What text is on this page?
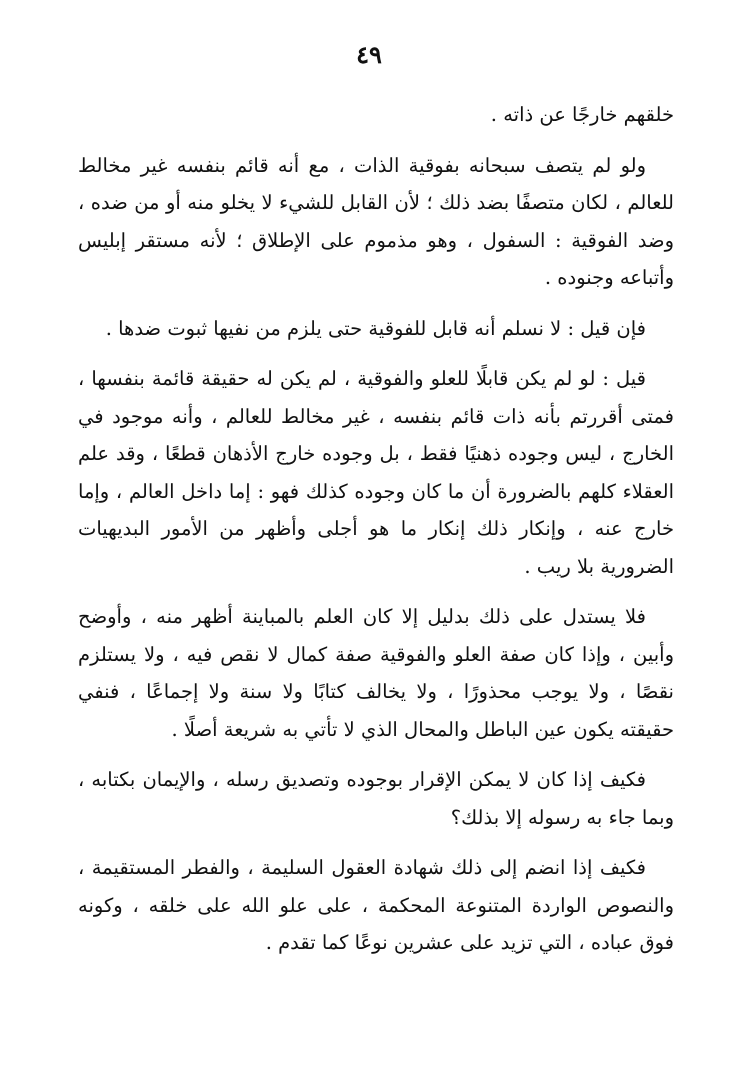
٤٩

خلقهم خارجًا عن ذاته .

ولو لم يتصف سبحانه بفوقية الذات ، مع أنه قائم بنفسه غير مخالط للعالم ، لكان متصفًا بضد ذلك ؛ لأن القابل للشيء لا يخلو منه أو من ضده ، وضد الفوقية : السفول ، وهو مذموم على الإطلاق ؛ لأنه مستقر إبليس وأتباعه وجنوده .

فإن قيل : لا نسلم أنه قابل للفوقية حتى يلزم من نفيها ثبوت ضدها .

قيل : لو لم يكن قابلًا للعلو والفوقية ، لم يكن له حقيقة قائمة بنفسها ، فمتى أقررتم بأنه ذات قائم بنفسه ، غير مخالط للعالم ، وأنه موجود في الخارج ، ليس وجوده ذهنيًا فقط ، بل وجوده خارج الأذهان قطعًا ، وقد علم العقلاء كلهم بالضرورة أن ما كان وجوده كذلك فهو : إما داخل العالم ، وإما خارج عنه ، وإنكار ذلك إنكار ما هو أجلى وأظهر من الأمور البديهيات الضرورية بلا ريب .

فلا يستدل على ذلك بدليل إلا كان العلم بالمباينة أظهر منه ، وأوضح وأبين ، وإذا كان صفة العلو والفوقية صفة كمال لا نقص فيه ، ولا يستلزم نقصًا ، ولا يوجب محذورًا ، ولا يخالف كتابًا ولا سنة ولا إجماعًا ، فنفي حقيقته يكون عين الباطل والمحال الذي لا تأتي به شريعة أصلًا .

فكيف إذا كان لا يمكن الإقرار بوجوده وتصديق رسله ، والإيمان بكتابه ، وبما جاء به رسوله إلا بذلك؟

فكيف إذا انضم إلى ذلك شهادة العقول السليمة ، والفطر المستقيمة ، والنصوص الواردة المتنوعة المحكمة ، على علو الله على خلقه ، وكونه فوق عباده ، التي تزيد على عشرين نوعًا كما تقدم .
